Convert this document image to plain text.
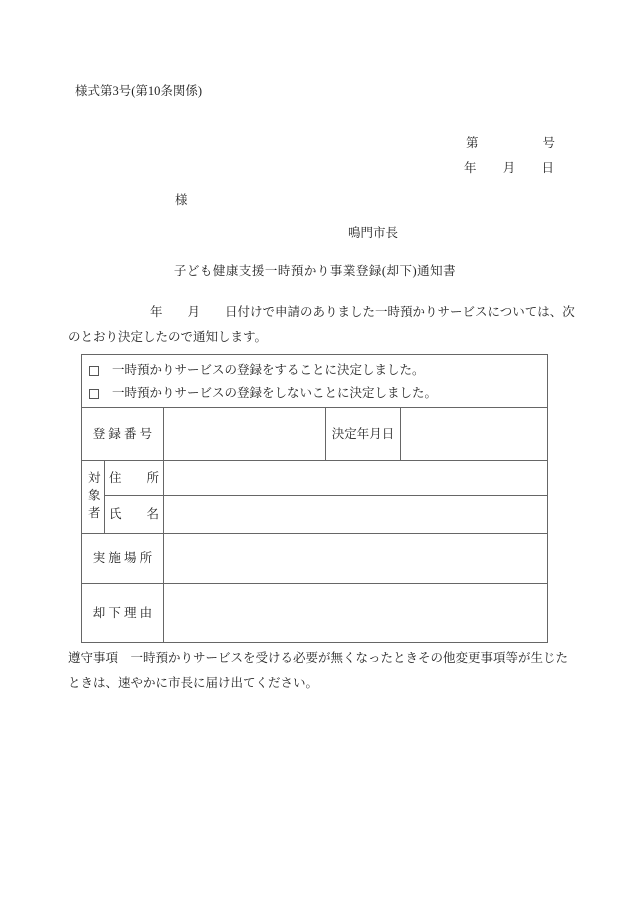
様式第3号(第10条関係)
第	号
年 月 日
様
鳴門市長
子ども健康支援一時預かり事業登録(却下)通知書
年　　月　　日付けで申請のありました一時預かりサービスについては、次
のとおり決定したので通知します。
一時預かりサービスの登録をすることに決定しました。
一時預かりサービスの登録をしないことに決定しました。
登 録 番 号	決定年月日
対象者 住　　所
氏　　名
実 施 場 所
却 下 理 由
遵守事項　一時預かりサービスを受ける必要が無くなったときその他変更事項等が生じた
ときは、速やかに市長に届け出てください。
